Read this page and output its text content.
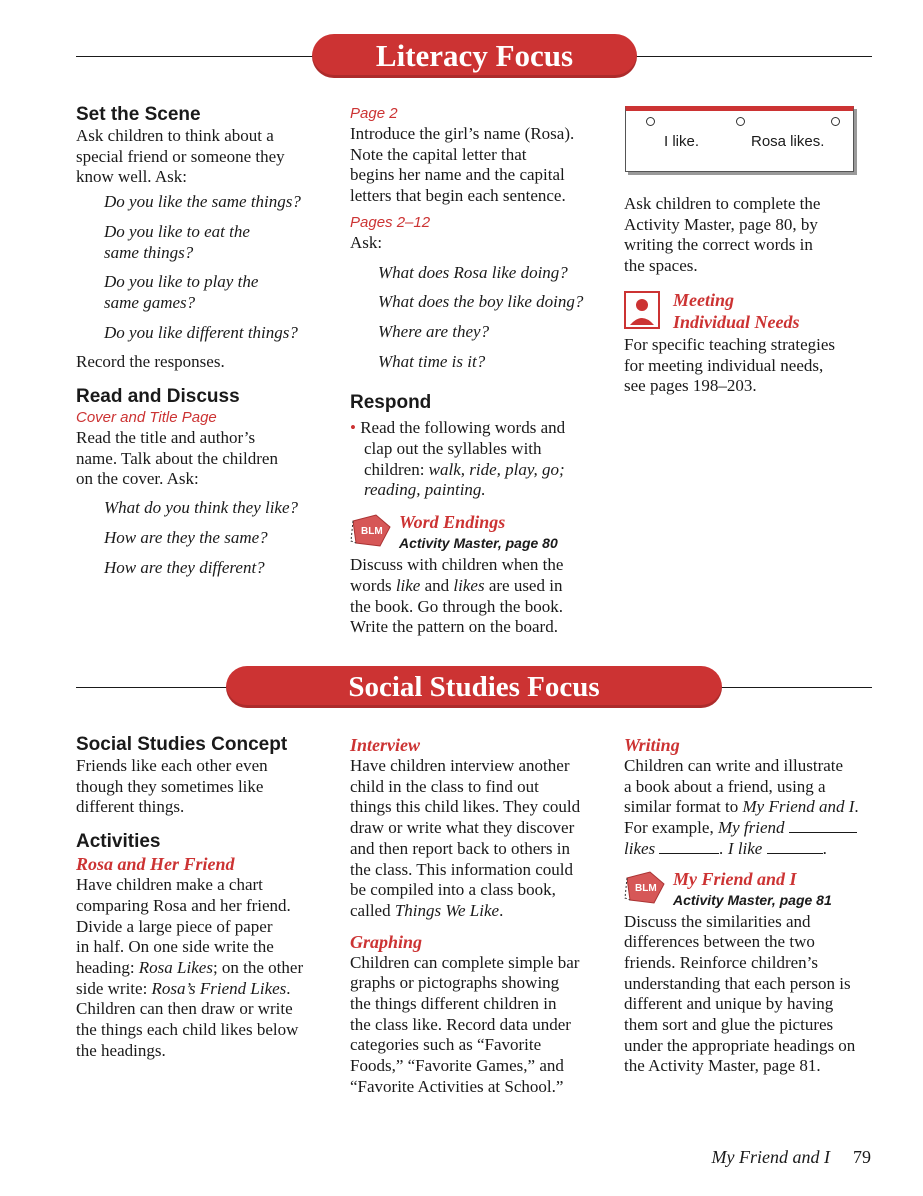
Literacy Focus

Set the Scene

Ask children to think about a

special friend or someone they

know well. Ask:

Do you like the same things?

Do you like to eat the

same things?

Do you like to play the

same games?

Do you like different things?

Record the responses.

Read and Discuss

Cover and Title Page

Read the title and author’s

name. Talk about the children

on the cover. Ask:

What do you think they like?

How are they the same?

How are they different?

Page 2

Introduce the girl’s name (Rosa).

Note the capital letter that

begins her name and the capital

letters that begin each sentence.

Pages 2–12

Ask:

What does Rosa like doing?

What does the boy like doing?

Where are they?

What time is it?

Respond

• Read the following words and

clap out the syllables with

children: walk, ride, play, go;

reading, painting.

BLM Word Endings

Activity Master, page 80

Discuss with children when the

words like and likes are used in

the book. Go through the book.

Write the pattern on the board.

I like.	Rosa likes.

Ask children to complete the

Activity Master, page 80, by

writing the correct words in

the spaces.

Meeting

Individual Needs

For specific teaching strategies

for meeting individual needs,

see pages 198–203.

Social Studies Focus

Social Studies Concept

Friends like each other even

though they sometimes like

different things.

Activities

Rosa and Her Friend

Have children make a chart

comparing Rosa and her friend.

Divide a large piece of paper

in half. On one side write the

heading: Rosa Likes; on the other

side write: Rosa’s Friend Likes.

Children can then draw or write

the things each child likes below

the headings.

Interview

Have children interview another

child in the class to find out

things this child likes. They could

draw or write what they discover

and then report back to others in

the class. This information could

be compiled into a class book,

called Things We Like.

Graphing

Children can complete simple bar

graphs or pictographs showing

the things different children in

the class like. Record data under

categories such as “Favorite

Foods,” “Favorite Games,” and

“Favorite Activities at School.”

Writing

Children can write and illustrate

a book about a friend, using a

similar format to My Friend and I.

For example, My friend

likes	. I like	.

BLM My Friend and I

Activity Master, page 81

Discuss the similarities and

differences between the two

friends. Reinforce children’s

understanding that each person is

different and unique by having

them sort and glue the pictures

under the appropriate headings on

the Activity Master, page 81.

My Friend and I 79
